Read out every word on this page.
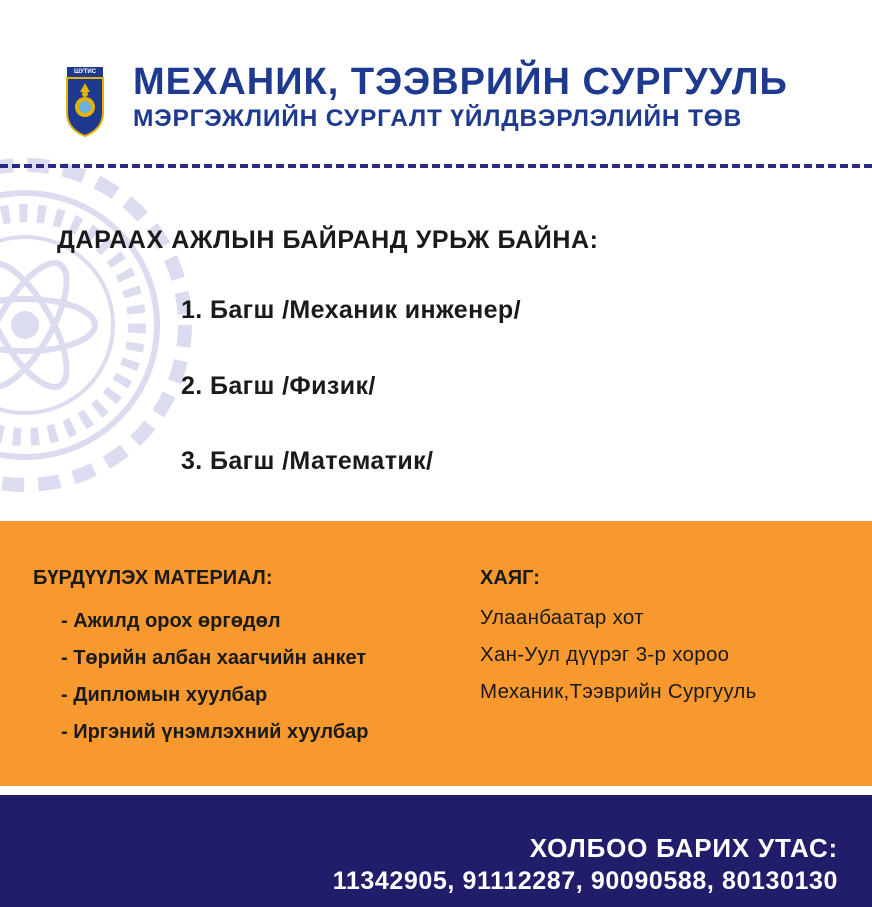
ШУТИС МЕХАНИК, ТЭЭВРИЙН СУРГУУЛЬ
МЭРГЭЖЛИЙН СУРГАЛТ ҮЙЛДВЭРЛЭЛИЙН ТӨВ
ДАРААХ АЖЛЫН БАЙРАНД УРЬЖ БАЙНА:
1. Багш /Механик инженер/
2. Багш /Физик/
3. Багш /Математик/
БҮРДҮҮЛЭХ МАТЕРИАЛ:
- Ажилд орох өргөдөл
- Төрийн албан хаагчийн анкет
- Дипломын хуулбар
- Иргэний үнэмлэхний хуулбар
ХАЯГ:
Улаанбаатар хот
Хан-Уул дүүрэг 3-р хороо
Механик,Тээврийн Сургууль
ХОЛБОО БАРИХ УТАС:
11342905, 91112287, 90090588, 80130130
